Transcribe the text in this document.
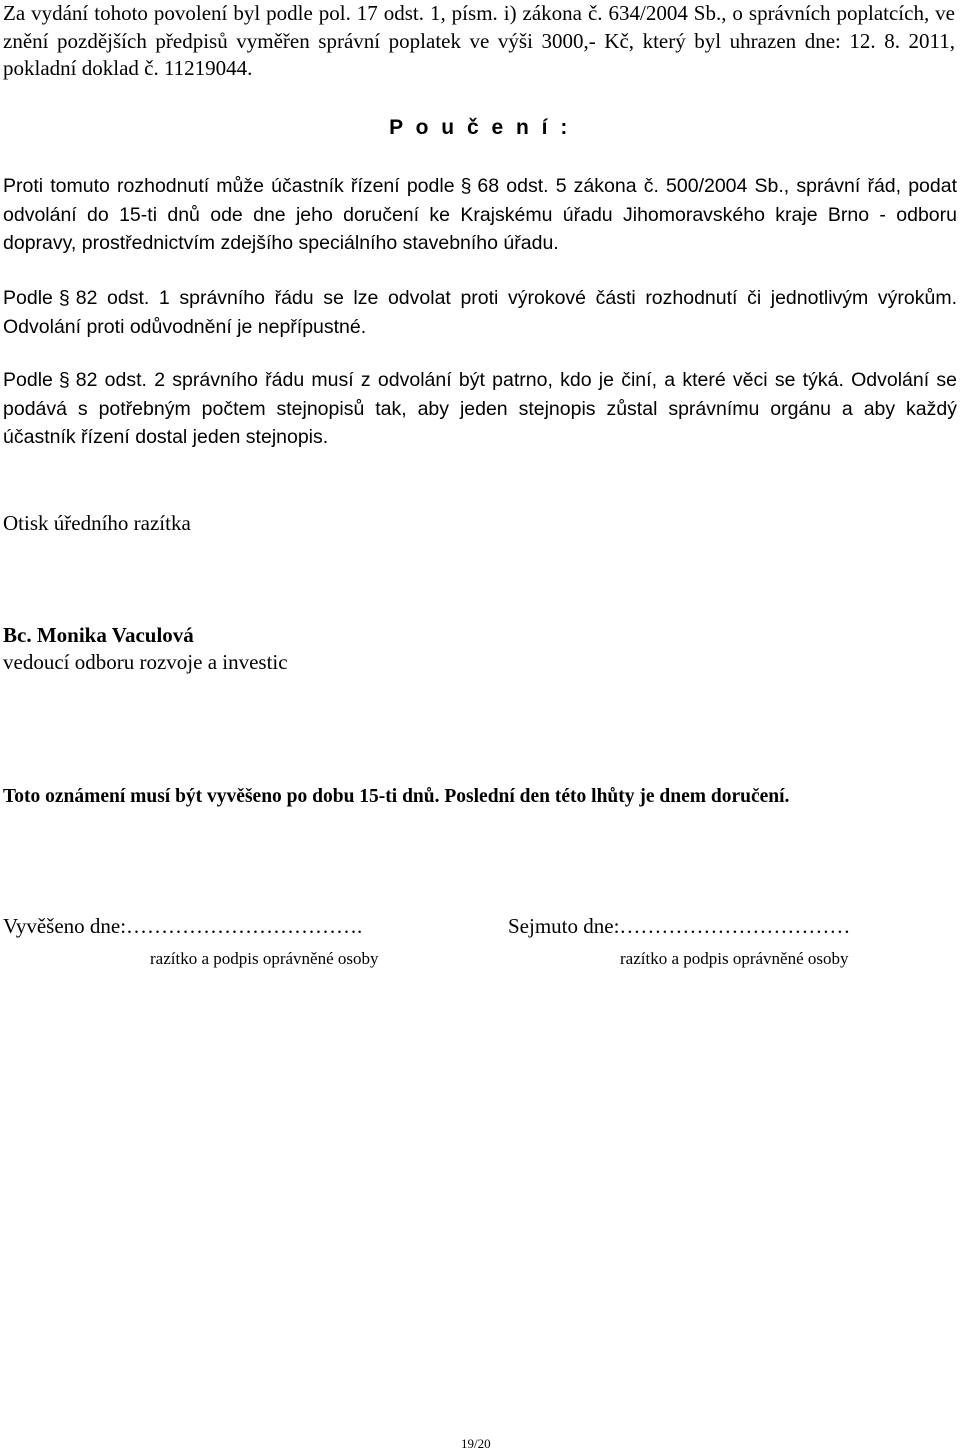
Za vydání tohoto povolení byl podle pol. 17 odst. 1, písm. i) zákona č. 634/2004 Sb., o správních poplatcích, ve znění pozdějších předpisů vyměřen správní poplatek ve výši 3000,- Kč, který byl uhrazen dne: 12. 8. 2011, pokladní doklad č. 11219044.

P o u č e n í :

Proti tomuto rozhodnutí může účastník řízení podle § 68 odst. 5 zákona č. 500/2004 Sb., správní řád, podat odvolání do 15-ti dnů ode dne jeho doručení ke Krajskému úřadu Jihomoravského kraje Brno - odboru dopravy, prostřednictvím zdejšího speciálního stavebního úřadu.

Podle § 82 odst. 1 správního řádu se lze odvolat proti výrokové části rozhodnutí či jednotlivým výrokům. Odvolání proti odůvodnění je nepřípustné.

Podle § 82 odst. 2 správního řádu musí z odvolání být patrno, kdo je činí, a které věci se týká. Odvolání se podává s potřebným počtem stejnopisů tak, aby jeden stejnopis zůstal správnímu orgánu a aby každý účastník řízení dostal jeden stejnopis.

Otisk úředního razítka
Bc. Monika Vaculová
vedoucí odboru rozvoje a investic
Toto oznámení musí být vyvěšeno po dobu 15-ti dnů. Poslední den této lhůty je dnem doručení.
Vyvěšeno dne:…………………………….	Sejmuto dne:……………………………
razítko a podpis oprávněné osoby	razítko a podpis oprávněné osoby
19/20
